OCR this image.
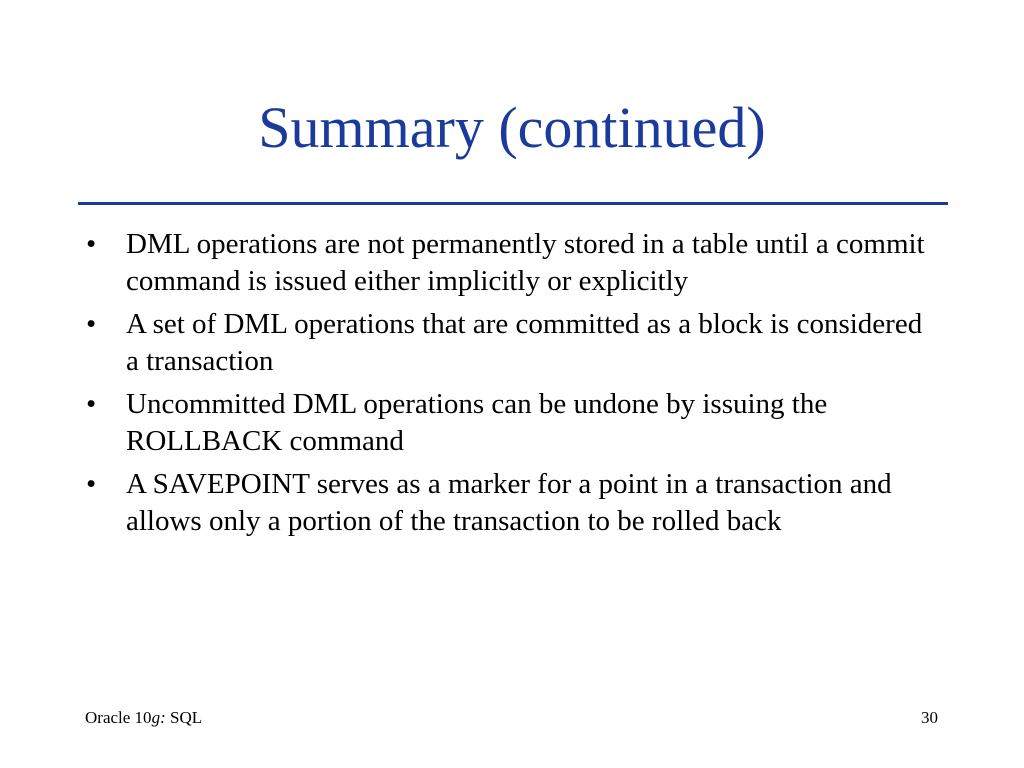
Summary (continued)
•	DML operations are not permanently stored in a table until a commit command is issued either implicitly or explicitly
•	A set of DML operations that are committed as a block is considered a transaction
•	Uncommitted DML operations can be undone by issuing the ROLLBACK command
•	A SAVEPOINT serves as a marker for a point in a transaction and allows only a portion of the transaction to be rolled back
Oracle 10g: SQL	30
